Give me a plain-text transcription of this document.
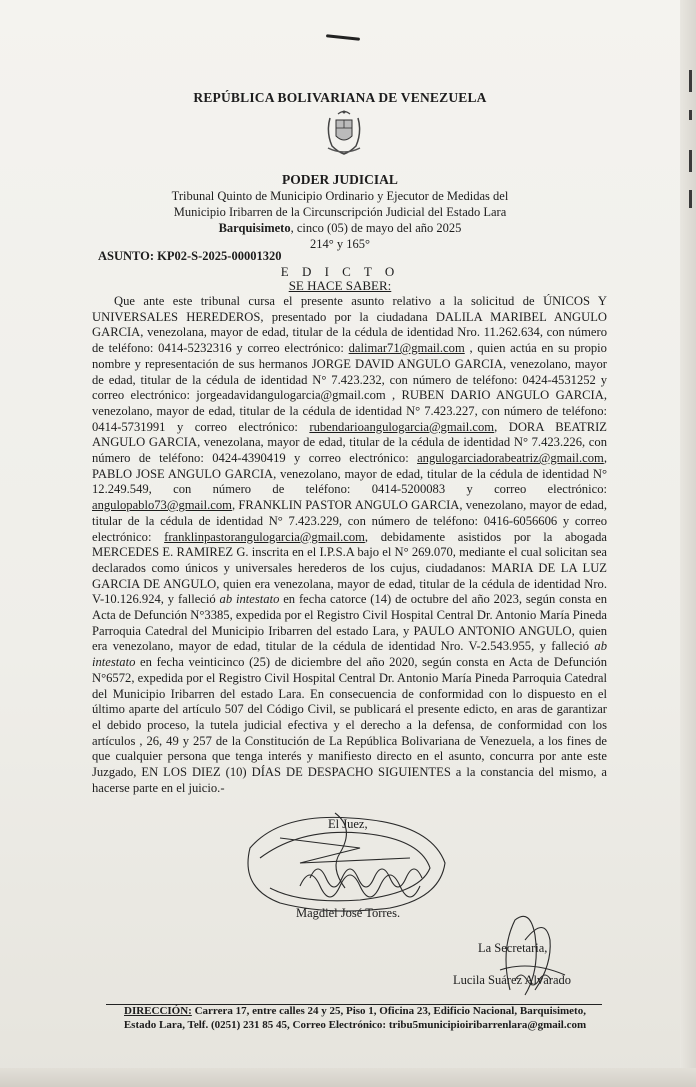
REPÚBLICA BOLIVARIANA DE VENEZUELA
PODER JUDICIAL
Tribunal Quinto de Municipio Ordinario y Ejecutor de Medidas del
Municipio Iribarren de la Circunscripción Judicial del Estado Lara
Barquisimeto, cinco (05) de mayo del año 2025
214° y 165°
ASUNTO: KP02-S-2025-00001320
E D I C T O
SE HACE SABER:

Que ante este tribunal cursa el presente asunto relativo a la solicitud de ÚNICOS Y UNIVERSALES HEREDEROS, presentado por la ciudadana DALILA MARIBEL ANGULO GARCIA, venezolana, mayor de edad, titular de la cédula de identidad Nro. 11.262.634, con número de teléfono: 0414-5232316 y correo electrónico: dalimar71@gmail.com , quien actúa en su propio nombre y representación de sus hermanos JORGE DAVID ANGULO GARCIA, venezolano, mayor de edad, titular de la cédula de identidad N° 7.423.232, con número de teléfono: 0424-4531252 y correo electrónico: jorgeadavidangulogarcia@gmail.com , RUBEN DARIO ANGULO GARCIA, venezolano, mayor de edad, titular de la cédula de identidad N° 7.423.227, con número de teléfono: 0414-5731991 y correo electrónico: rubendarioangulogarcia@gmail.com, DORA BEATRIZ ANGULO GARCIA, venezolana, mayor de edad, titular de la cédula de identidad N° 7.423.226, con número de teléfono: 0424-4390419 y correo electrónico: angulogarciadorabeatriz@gmail.com, PABLO JOSE ANGULO GARCIA, venezolano, mayor de edad, titular de la cédula de identidad N° 12.249.549, con número de teléfono: 0414-5200083 y correo electrónico: angulopablo73@gmail.com, FRANKLIN PASTOR ANGULO GARCIA, venezolano, mayor de edad, titular de la cédula de identidad N° 7.423.229, con número de teléfono: 0416-6056606 y correo electrónico: franklinpastorangulogarcia@gmail.com, debidamente asistidos por la abogada MERCEDES E. RAMIREZ G. inscrita en el I.P.S.A bajo el N° 269.070, mediante el cual solicitan sea declarados como únicos y universales herederos de los cujus, ciudadanos: MARIA DE LA LUZ GARCIA DE ANGULO, quien era venezolana, mayor de edad, titular de la cédula de identidad Nro. V-10.126.924, y falleció ab intestato en fecha catorce (14) de octubre del año 2023, según consta en Acta de Defunción N°3385, expedida por el Registro Civil Hospital Central Dr. Antonio María Pineda Parroquia Catedral del Municipio Iribarren del estado Lara, y PAULO ANTONIO ANGULO, quien era venezolano, mayor de edad, titular de la cédula de identidad Nro. V-2.543.955, y falleció ab intestato en fecha veinticinco (25) de diciembre del año 2020, según consta en Acta de Defunción N°6572, expedida por el Registro Civil Hospital Central Dr. Antonio María Pineda Parroquia Catedral del Municipio Iribarren del estado Lara. En consecuencia de conformidad con lo dispuesto en el último aparte del artículo 507 del Código Civil, se publicará el presente edicto, en aras de garantizar el debido proceso, la tutela judicial efectiva y el derecho a la defensa, de conformidad con los artículos , 26, 49 y 257 de la Constitución de La República Bolivariana de Venezuela, a los fines de que cualquier persona que tenga interés y manifiesto directo en el asunto, concurra por ante este Juzgado, EN LOS DIEZ (10) DÍAS DE DESPACHO SIGUIENTES a la constancia del mismo, a hacerse parte en el juicio.-

El Juez,
Magdiel José Torres.
La Secretaria,
Lucila Suárez Alvarado
DIRECCIÓN: Carrera 17, entre calles 24 y 25, Piso 1, Oficina 23, Edificio Nacional, Barquisimeto,
Estado Lara, Telf. (0251) 231 85 45, Correo Electrónico: tribu5municipioiribarrenlara@gmail.com
